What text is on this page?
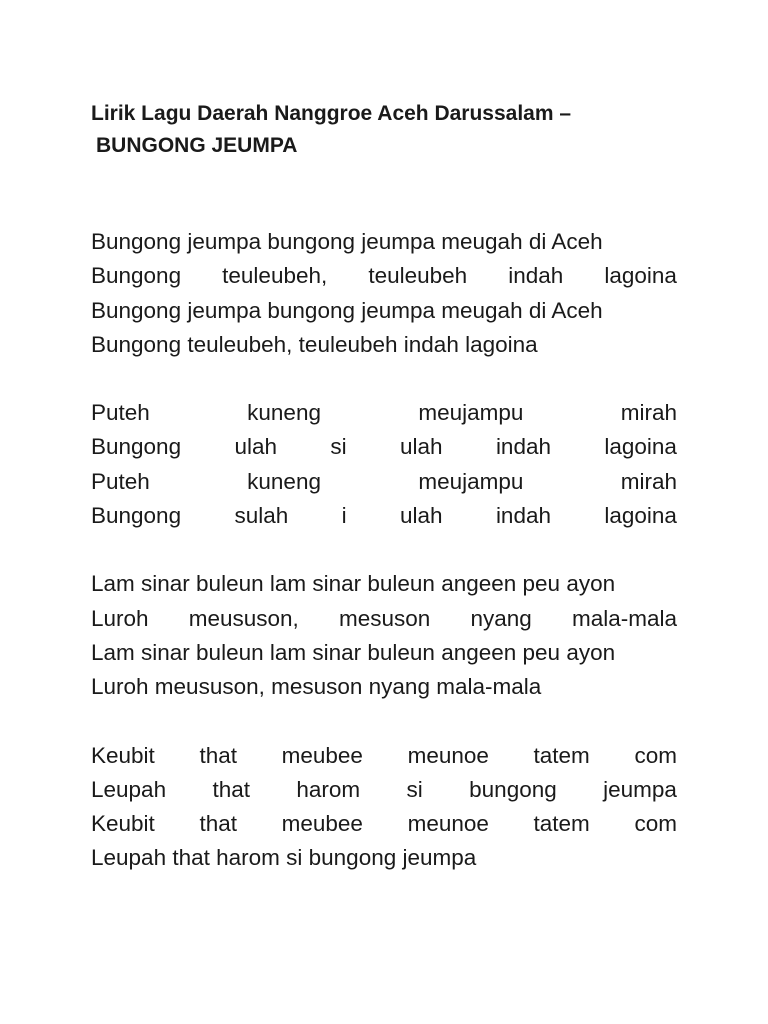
Lirik Lagu Daerah Nanggroe Aceh Darussalam –
BUNGONG JEUMPA
Bungong jeumpa bungong jeumpa meugah di Aceh
Bungong teuleubeh, teuleubeh indah lagoina
Bungong jeumpa bungong jeumpa meugah di Aceh
Bungong teuleubeh, teuleubeh indah lagoina
Puteh	kuneng	meujampu	mirah
Bungong ulah si ulah indah lagoina
Puteh	kuneng	meujampu	mirah
Bungong sulah i ulah indah lagoina
Lam sinar buleun lam sinar buleun angeen peu ayon
Luroh meususon, mesuson nyang mala-mala
Lam sinar buleun lam sinar buleun angeen peu ayon
Luroh meususon, mesuson nyang mala-mala
Keubit that meubee meunoe tatem com
Leupah that harom si bungong jeumpa
Keubit that meubee meunoe tatem com
Leupah that harom si bungong jeumpa
